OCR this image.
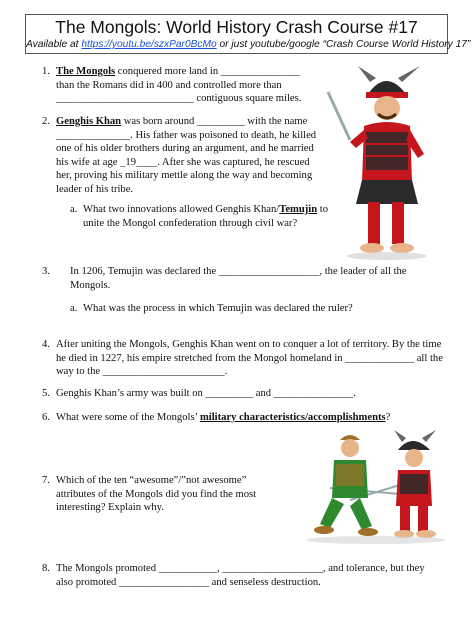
The Mongols: World History Crash Course #17
Available at https://youtu.be/szxPar0BcMo or just youtube/google “Crash Course World History 17”
1. The Mongols conquered more land in _______________ than the Romans did in 400 and controlled more than __________________________ contiguous square miles.
2. Genghis Khan was born around _________ with the name ______________. His father was poisoned to death, he killed one of his older brothers during an argument, and he married his wife at age _19____. After she was captured, he rescued her, proving his military mettle along the way and becoming leader of his tribe.
a. What two innovations allowed Genghis Khan/Temujin to unite the Mongol confederation through civil war?
3. In 1206, Temujin was declared the ___________________, the leader of all the Mongols.
a. What was the process in which Temujin was declared the ruler?
4. After uniting the Mongols, Genghis Khan went on to conquer a lot of territory. By the time he died in 1227, his empire stretched from the Mongol homeland in _____________ all the way to the _______________________.
5. Genghis Khan’s army was built on _________ and _______________.
6. What were some of the Mongols’ military characteristics/accomplishments?
7. Which of the ten “awesome”/”not awesome” attributes of the Mongols did you find the most interesting? Explain why.
8. The Mongols promoted ___________, ___________________, and tolerance, but they also promoted _________________ and senseless destruction.
